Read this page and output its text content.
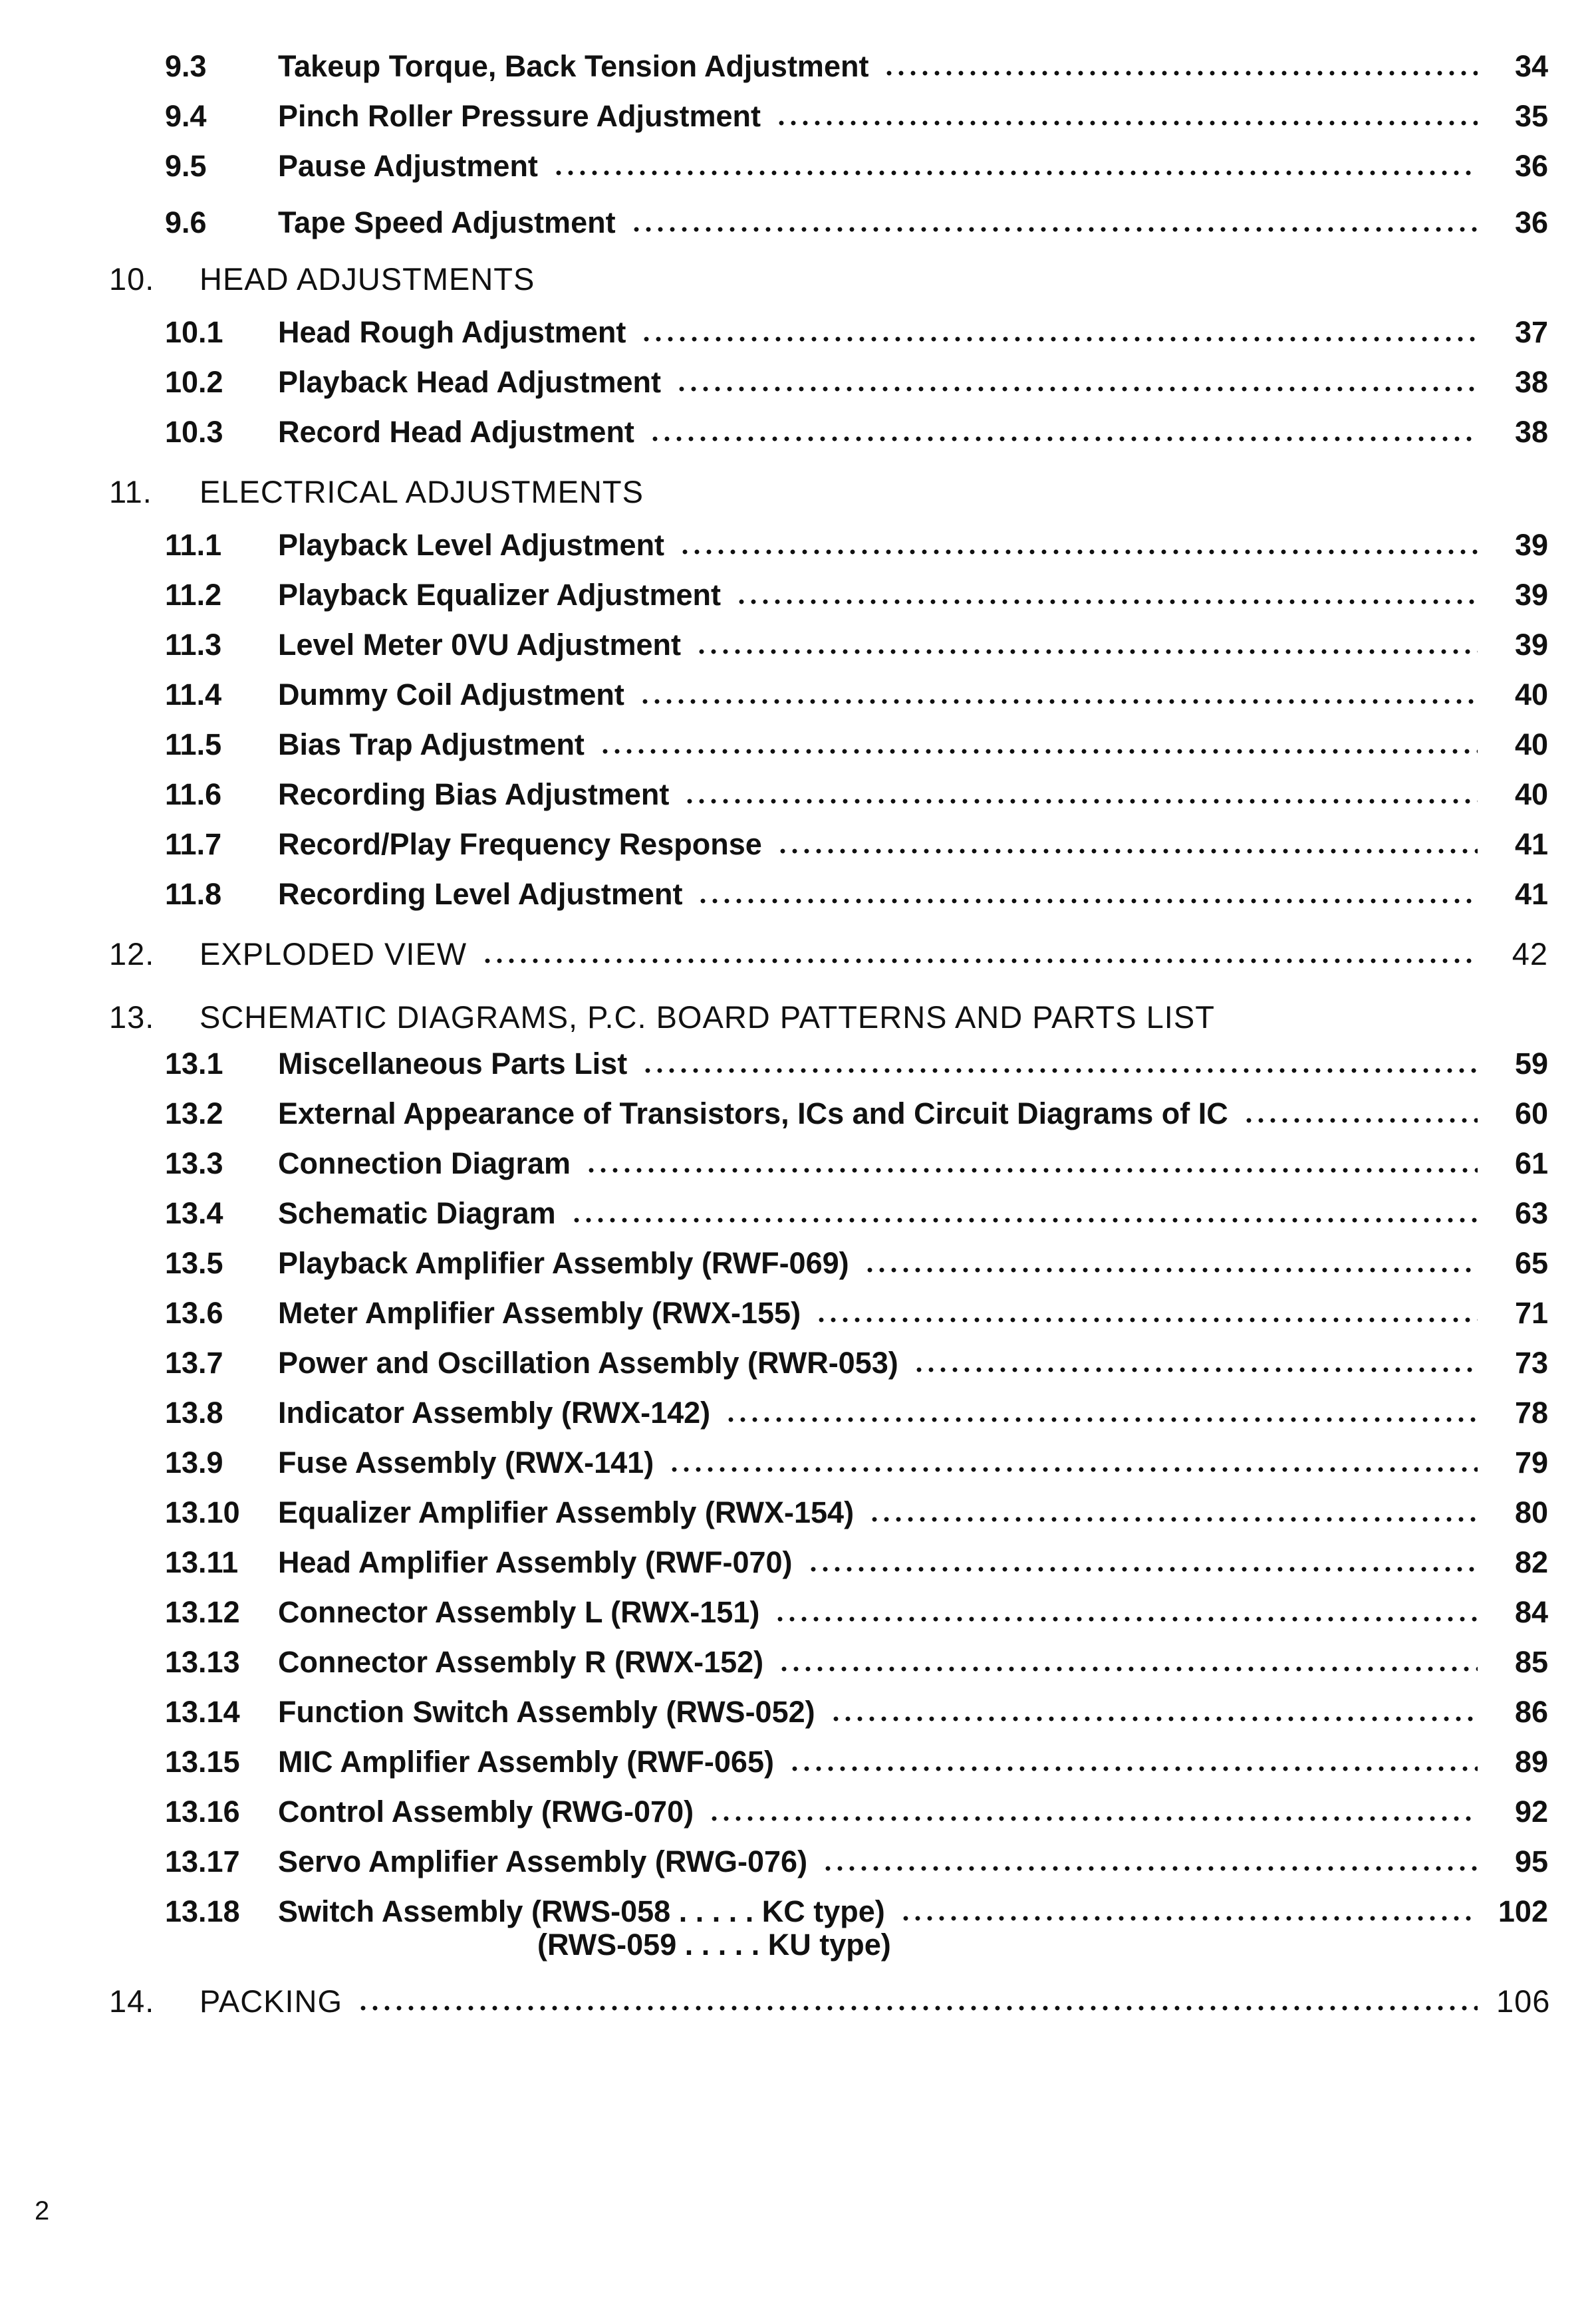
9.3	Takeup Torque, Back Tension Adjustment	34
9.4	Pinch Roller Pressure Adjustment	35
9.5	Pause Adjustment	36
9.6	Tape Speed Adjustment	36
10.	HEAD ADJUSTMENTS
10.1	Head Rough Adjustment	37
10.2	Playback Head Adjustment	38
10.3	Record Head Adjustment	38
11.	ELECTRICAL ADJUSTMENTS
11.1	Playback Level Adjustment	39
11.2	Playback Equalizer Adjustment	39
11.3	Level Meter 0VU Adjustment	39
11.4	Dummy Coil Adjustment	40
11.5	Bias Trap Adjustment	40
11.6	Recording Bias Adjustment	40
11.7	Record/Play Frequency Response	41
11.8	Recording Level Adjustment	41
12.	EXPLODED VIEW	42
13.	SCHEMATIC DIAGRAMS, P.C. BOARD PATTERNS AND PARTS LIST
13.1	Miscellaneous Parts List	59
13.2	External Appearance of Transistors, ICs and Circuit Diagrams of IC	60
13.3	Connection Diagram	61
13.4	Schematic Diagram	63
13.5	Playback Amplifier Assembly (RWF-069)	65
13.6	Meter Amplifier Assembly (RWX-155)	71
13.7	Power and Oscillation Assembly (RWR-053)	73
13.8	Indicator Assembly (RWX-142)	78
13.9	Fuse Assembly (RWX-141)	79
13.10	Equalizer Amplifier Assembly (RWX-154)	80
13.11	Head Amplifier Assembly (RWF-070)	82
13.12	Connector Assembly L (RWX-151)	84
13.13	Connector Assembly R (RWX-152)	85
13.14	Function Switch Assembly (RWS-052)	86
13.15	MIC Amplifier Assembly (RWF-065)	89
13.16	Control Assembly (RWG-070)	92
13.17	Servo Amplifier Assembly (RWG-076)	95
13.18	Switch Assembly (RWS-058 . . . . . KC type)	102
(RWS-059 . . . . . KU type)
14.	PACKING	106
2
